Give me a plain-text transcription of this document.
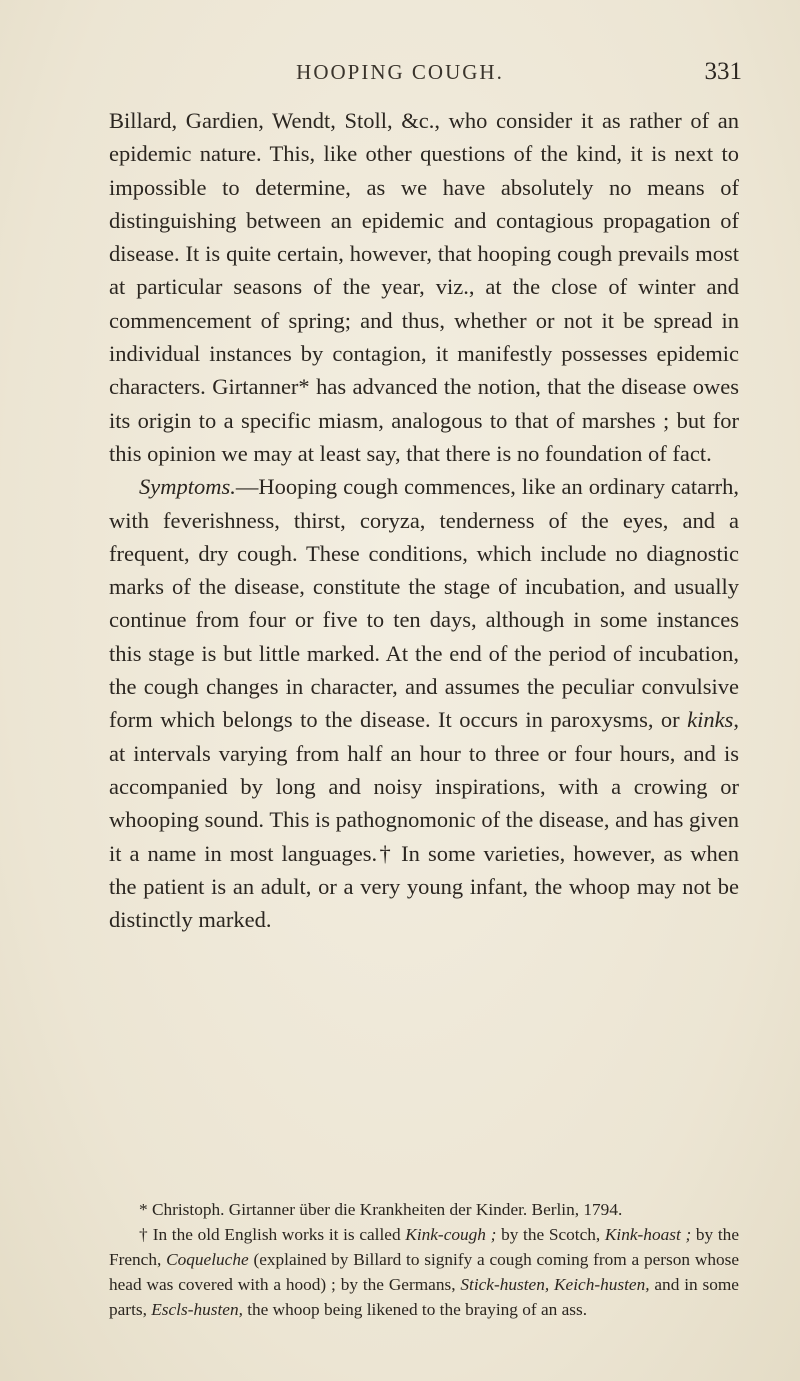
HOOPING COUGH.	331

Billard, Gardien, Wendt, Stoll, &c., who consider it as rather of an epidemic nature. This, like other questions of the kind, it is next to impossible to determine, as we have absolutely no means of distinguishing between an epidemic and contagious propagation of disease. It is quite certain, however, that hooping cough prevails most at particular seasons of the year, viz., at the close of winter and commencement of spring; and thus, whether or not it be spread in individual instances by contagion, it manifestly possesses epidemic characters. Girtanner* has advanced the notion, that the disease owes its origin to a specific miasm, analogous to that of marshes ; but for this opinion we may at least say, that there is no foundation of fact.

Symptoms.—Hooping cough commences, like an ordinary catarrh, with feverishness, thirst, coryza, tenderness of the eyes, and a frequent, dry cough. These conditions, which include no diagnostic marks of the disease, constitute the stage of incubation, and usually continue from four or five to ten days, although in some instances this stage is but little marked. At the end of the period of incubation, the cough changes in character, and assumes the peculiar convulsive form which belongs to the disease. It occurs in paroxysms, or kinks, at intervals varying from half an hour to three or four hours, and is accompanied by long and noisy inspirations, with a crowing or whooping sound. This is pathognomonic of the disease, and has given it a name in most languages.† In some varieties, however, as when the patient is an adult, or a very young infant, the whoop may not be distinctly marked.

* Christoph. Girtanner über die Krankheiten der Kinder. Berlin, 1794.

† In the old English works it is called Kink-cough ; by the Scotch, Kink-hoast ; by the French, Coqueluche (explained by Billard to signify a cough coming from a person whose head was covered with a hood) ; by the Germans, Stick-husten, Keich-husten, and in some parts, Escls-husten, the whoop being likened to the braying of an ass.
